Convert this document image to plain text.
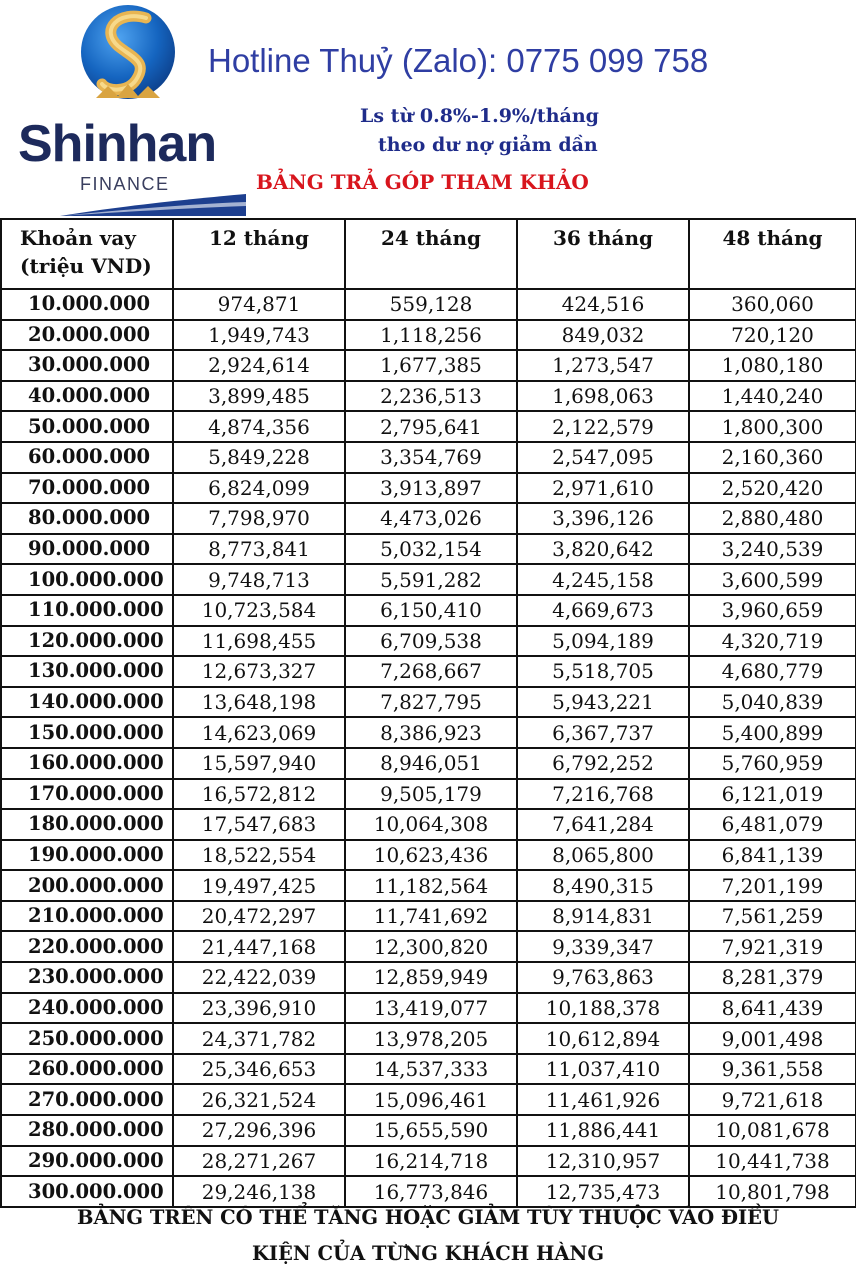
Shinhan
FINANCE
Hotline Thuỷ (Zalo): 0775 099 758
Ls từ 0.8%-1.9%/tháng
theo dư nợ giảm dần
BẢNG TRẢ GÓP THAM KHẢO
Khoản vay
(triệu VND)	12 tháng	24 tháng	36 tháng	48 tháng
10.000.000	974,871	559,128	424,516	360,060
20.000.000	1,949,743	1,118,256	849,032	720,120
30.000.000	2,924,614	1,677,385	1,273,547	1,080,180
40.000.000	3,899,485	2,236,513	1,698,063	1,440,240
50.000.000	4,874,356	2,795,641	2,122,579	1,800,300
60.000.000	5,849,228	3,354,769	2,547,095	2,160,360
70.000.000	6,824,099	3,913,897	2,971,610	2,520,420
80.000.000	7,798,970	4,473,026	3,396,126	2,880,480
90.000.000	8,773,841	5,032,154	3,820,642	3,240,539
100.000.000	9,748,713	5,591,282	4,245,158	3,600,599
110.000.000	10,723,584	6,150,410	4,669,673	3,960,659
120.000.000	11,698,455	6,709,538	5,094,189	4,320,719
130.000.000	12,673,327	7,268,667	5,518,705	4,680,779
140.000.000	13,648,198	7,827,795	5,943,221	5,040,839
150.000.000	14,623,069	8,386,923	6,367,737	5,400,899
160.000.000	15,597,940	8,946,051	6,792,252	5,760,959
170.000.000	16,572,812	9,505,179	7,216,768	6,121,019
180.000.000	17,547,683	10,064,308	7,641,284	6,481,079
190.000.000	18,522,554	10,623,436	8,065,800	6,841,139
200.000.000	19,497,425	11,182,564	8,490,315	7,201,199
210.000.000	20,472,297	11,741,692	8,914,831	7,561,259
220.000.000	21,447,168	12,300,820	9,339,347	7,921,319
230.000.000	22,422,039	12,859,949	9,763,863	8,281,379
240.000.000	23,396,910	13,419,077	10,188,378	8,641,439
250.000.000	24,371,782	13,978,205	10,612,894	9,001,498
260.000.000	25,346,653	14,537,333	11,037,410	9,361,558
270.000.000	26,321,524	15,096,461	11,461,926	9,721,618
280.000.000	27,296,396	15,655,590	11,886,441	10,081,678
290.000.000	28,271,267	16,214,718	12,310,957	10,441,738
300.000.000	29,246,138	16,773,846	12,735,473	10,801,798
BẢNG TRÊN CÓ THỂ TĂNG HOẶC GIẢM TÙY THUỘC VÀO ĐIỀU
KIỆN CỦA TỪNG KHÁCH HÀNG
